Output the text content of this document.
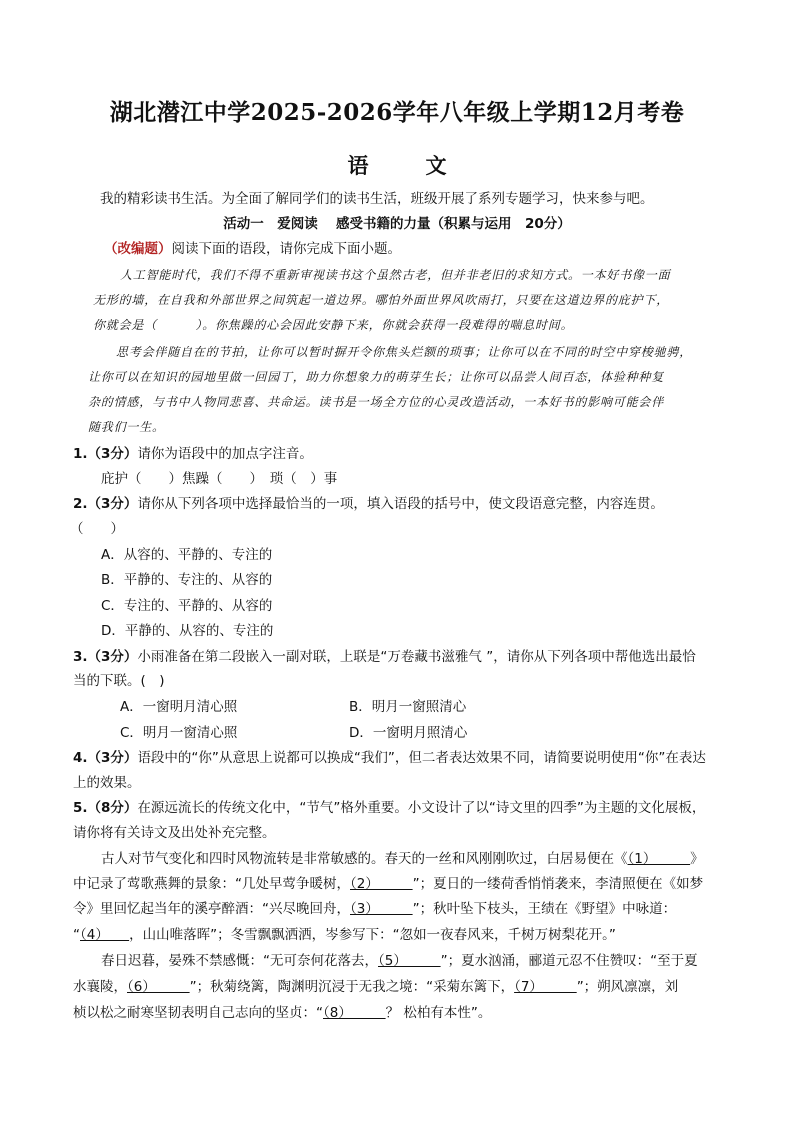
湖北潜江中学2025-2026学年八年级上学期12月考卷
语　文
我的精彩读书生活。为全面了解同学们的读书生活，班级开展了系列专题学习，快来参与吧。
活动一　爱阅读　 感受书籍的力量（积累与运用　20分）
（改编题）阅读下面的语段，请你完成下面小题。
人工智能时代，我们不得不重新审视读书这个虽然古老，但并非老旧的求知方式。一本好书像一面
无形的墙，在自我和外部世界之间筑起一道边界。哪怕外面世界风吹雨打，只要在这道边界的庇护下，
你就会是（　　　）。你焦躁的心会因此安静下来，你就会获得一段难得的喘息时间。
思考会伴随自在的节拍，让你可以暂时摒开令你焦头烂额的琐事；让你可以在不同的时空中穿梭驰骋，
让你可以在知识的园地里做一回园丁，助力你想象力的萌芽生长；让你可以品尝人间百态，体验种种复
杂的情感，与书中人物同悲喜、共命运。读书是一场全方位的心灵改造活动，一本好书的影响可能会伴
随我们一生。
1.（3分）请你为语段中的加点字注音。
庇护（　　）焦躁（　　）　琐（　）事
2.（3分）请你从下列各项中选择最恰当的一项，填入语段的括号中，使文段语意完整，内容连贯。
（　　）
A．从容的、平静的、专注的
B．平静的、专注的、从容的
C．专注的、平静的、从容的
D．平静的、从容的、专注的
3.（3分）小雨准备在第二段嵌入一副对联，上联是“万卷藏书滋雅气 ”，请你从下列各项中帮他选出最恰
当的下联。(　)
A．一窗明月清心照	B．明月一窗照清心
C．明月一窗清心照	D．一窗明月照清心
4.（3分）语段中的“你”从意思上说都可以换成“我们”，但二者表达效果不同，请简要说明使用“你”在表达
上的效果。
5.（8分）在源远流长的传统文化中，“节气”格外重要。小文设计了以“诗文里的四季”为主题的文化展板，
请你将有关诗文及出处补充完整。
古人对节气变化和四时风物流转是非常敏感的。春天的一丝和风刚刚吹过，白居易便在《（1）　　　》
中记录了莺歌燕舞的景象：“几处早莺争暖树，（2）　　　”；夏日的一缕荷香悄悄袭来，李清照便在《如梦
令》里回忆起当年的溪亭醉酒：“兴尽晚回舟，（3）　　　”；秋叶坠下枝头，王绩在《野望》中咏道：
“（4）　　，山山唯落晖”；冬雪飘飘洒洒，岑参写下：“忽如一夜春风来，千树万树梨花开。”
春日迟暮，晏殊不禁感慨：“无可奈何花落去，（5）　　　”；夏水汹涌，郦道元忍不住赞叹：“至于夏
水襄陵，（6）　　　”；秋菊绕篱，陶渊明沉浸于无我之境：“采菊东篱下，（7）　　　”；朔风凛凛，刘
桢以松之耐寒坚韧表明自己志向的坚贞：“（8）　　　？ 松柏有本性”。
